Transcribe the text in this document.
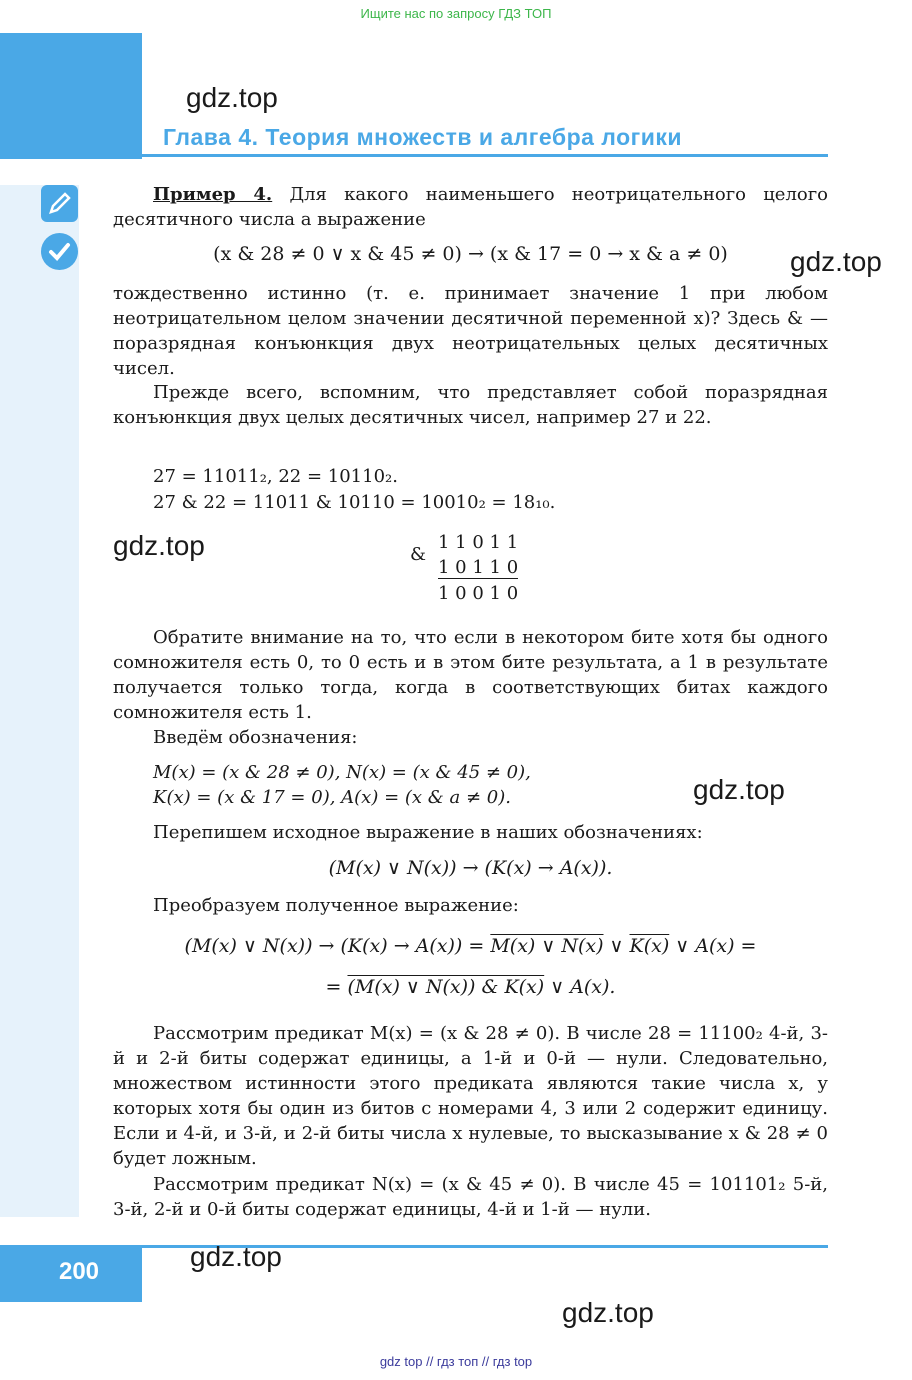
Ищите нас по запросу ГДЗ ТОП
gdz.top
Глава 4. Теория множеств и алгебра логики
Пример 4. Для какого наименьшего неотрицательного целого десятичного числа a выражение
(x & 28 ≠ 0 ∨ x & 45 ≠ 0) → (x & 17 = 0 → x & a ≠ 0)	gdz.top
тождественно истинно (т. е. принимает значение 1 при любом неотрицательном целом значении десятичной переменной x)? Здесь & — поразрядная конъюнкция двух неотрицательных целых десятичных чисел.
Прежде всего, вспомним, что представляет собой поразрядная конъюнкция двух целых десятичных чисел, например 27 и 22.
27 = 11011₂, 22 = 10110₂.
27 & 22 = 11011 & 10110 = 10010₂ = 18₁₀.
gdz.top	&
1 1 0 1 1
1 0 1 1 0
1 0 0 1 0
Обратите внимание на то, что если в некотором бите хотя бы одного сомножителя есть 0, то 0 есть и в этом бите результата, а 1 в результате получается только тогда, когда в соответствующих битах каждого сомножителя есть 1.
Введём обозначения:
M(x) = (x & 28 ≠ 0), N(x) = (x & 45 ≠ 0),
K(x) = (x & 17 = 0), A(x) = (x & a ≠ 0).	gdz.top
Перепишем исходное выражение в наших обозначениях:
(M(x) ∨ N(x)) → (K(x) → A(x)).
Преобразуем полученное выражение:
(M(x) ∨ N(x)) → (K(x) → A(x)) = M(x) ∨ N(x) ∨ K(x) ∨ A(x) =
= (M(x) ∨ N(x)) & K(x) ∨ A(x).
Рассмотрим предикат M(x) = (x & 28 ≠ 0). В числе 28 = 11100₂ 4-й, 3-й и 2-й биты содержат единицы, а 1-й и 0-й — нули. Следовательно, множеством истинности этого предиката являются такие числа x, у которых хотя бы один из битов с номерами 4, 3 или 2 содержит единицу. Если и 4-й, и 3-й, и 2-й биты числа x нулевые, то высказывание x & 28 ≠ 0 будет ложным.
Рассмотрим предикат N(x) = (x & 45 ≠ 0). В числе 45 = 101101₂ 5-й, 3-й, 2-й и 0-й биты содержат единицы, 4-й и 1-й — нули.
200	gdz.top
gdz.top
gdz top // гдз топ // гдз top
